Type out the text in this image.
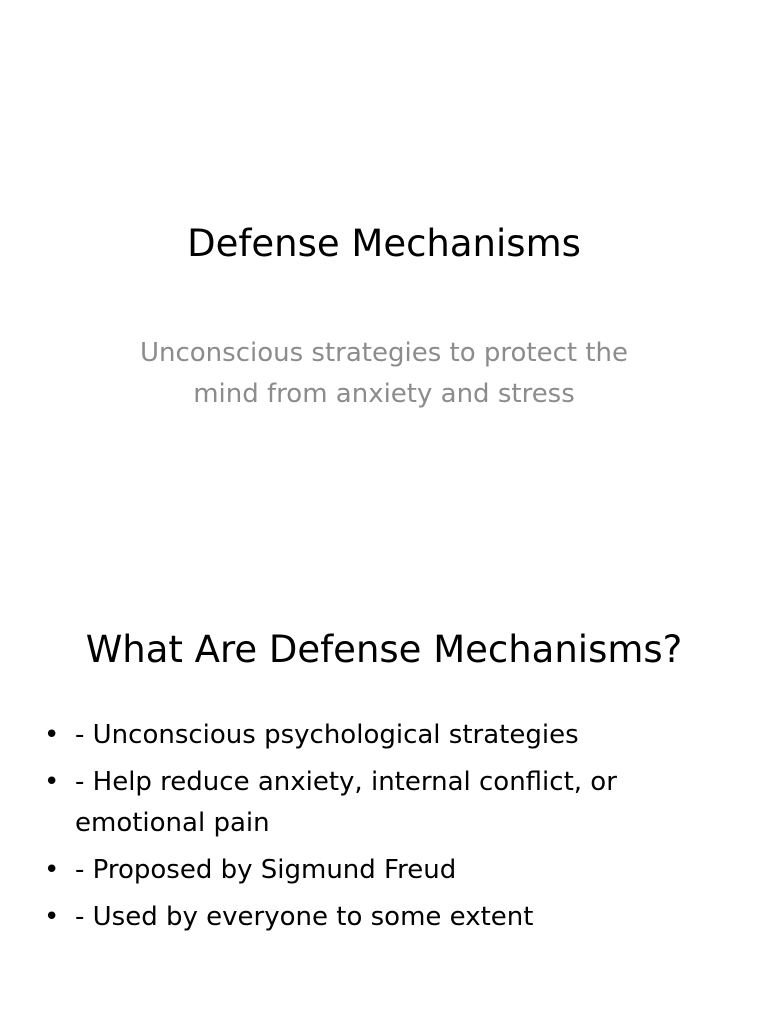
Defense Mechanisms

Unconscious strategies to protect the mind from anxiety and stress

What Are Defense Mechanisms?
• - Unconscious psychological strategies
• - Help reduce anxiety, internal conflict, or emotional pain
• - Proposed by Sigmund Freud
• - Used by everyone to some extent
